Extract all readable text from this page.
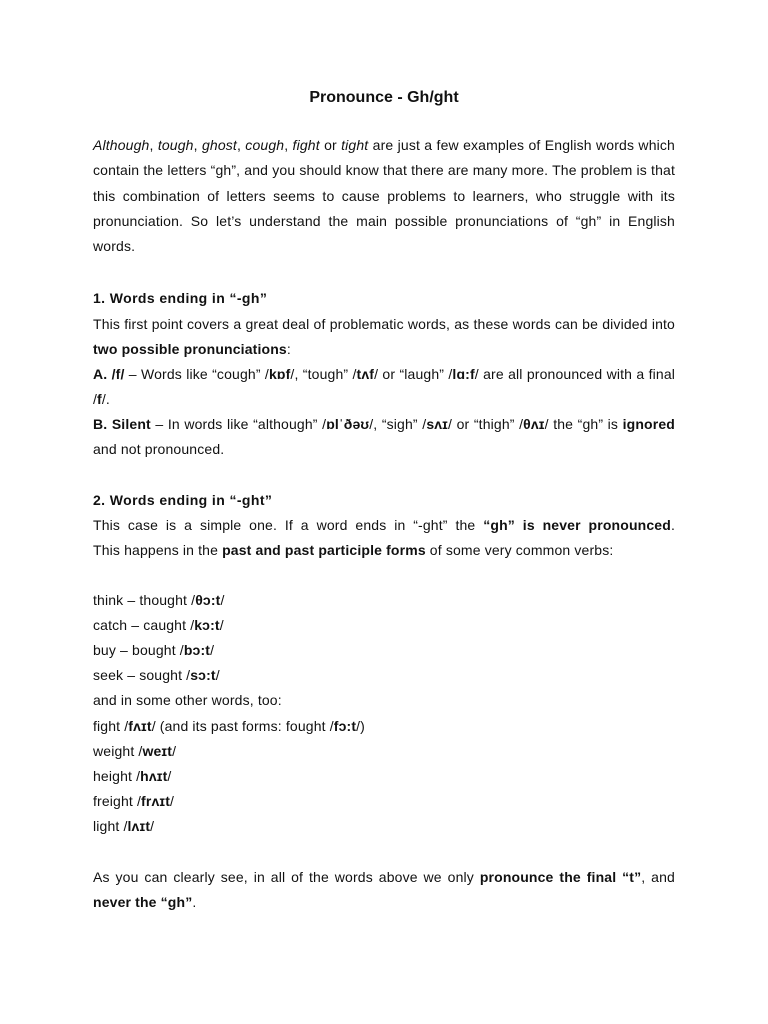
Pronounce - Gh/ght
Although, tough, ghost, cough, fight or tight are just a few examples of English words which contain the letters “gh”, and you should know that there are many more. The problem is that this combination of letters seems to cause problems to learners, who struggle with its pronunciation. So let’s understand the main possible pronunciations of “gh” in English words.
1. Words ending in “-gh”
This first point covers a great deal of problematic words, as these words can be divided into two possible pronunciations:
A. /f/ – Words like “cough” /kɒf/, “tough” /tʌf/ or “laugh” /lɑ:f/ are all pronounced with a final /f/.
B. Silent – In words like “although” /ɒlˈðəʊ/, “sigh” /sʌɪ/ or “thigh” /θʌɪ/ the “gh” is ignored and not pronounced.
2. Words ending in “-ght”
This case is a simple one. If a word ends in “-ght” the “gh” is never pronounced.
This happens in the past and past participle forms of some very common verbs:
think – thought /θɔ:t/
catch – caught /kɔ:t/
buy – bought /bɔ:t/
seek – sought /sɔ:t/
and in some other words, too:
fight /fʌɪt/ (and its past forms: fought /fɔ:t/)
weight /weɪt/
height /hʌɪt/
freight /frʌɪt/
light /lʌɪt/
As you can clearly see, in all of the words above we only pronounce the final “t”, and never the “gh”.
